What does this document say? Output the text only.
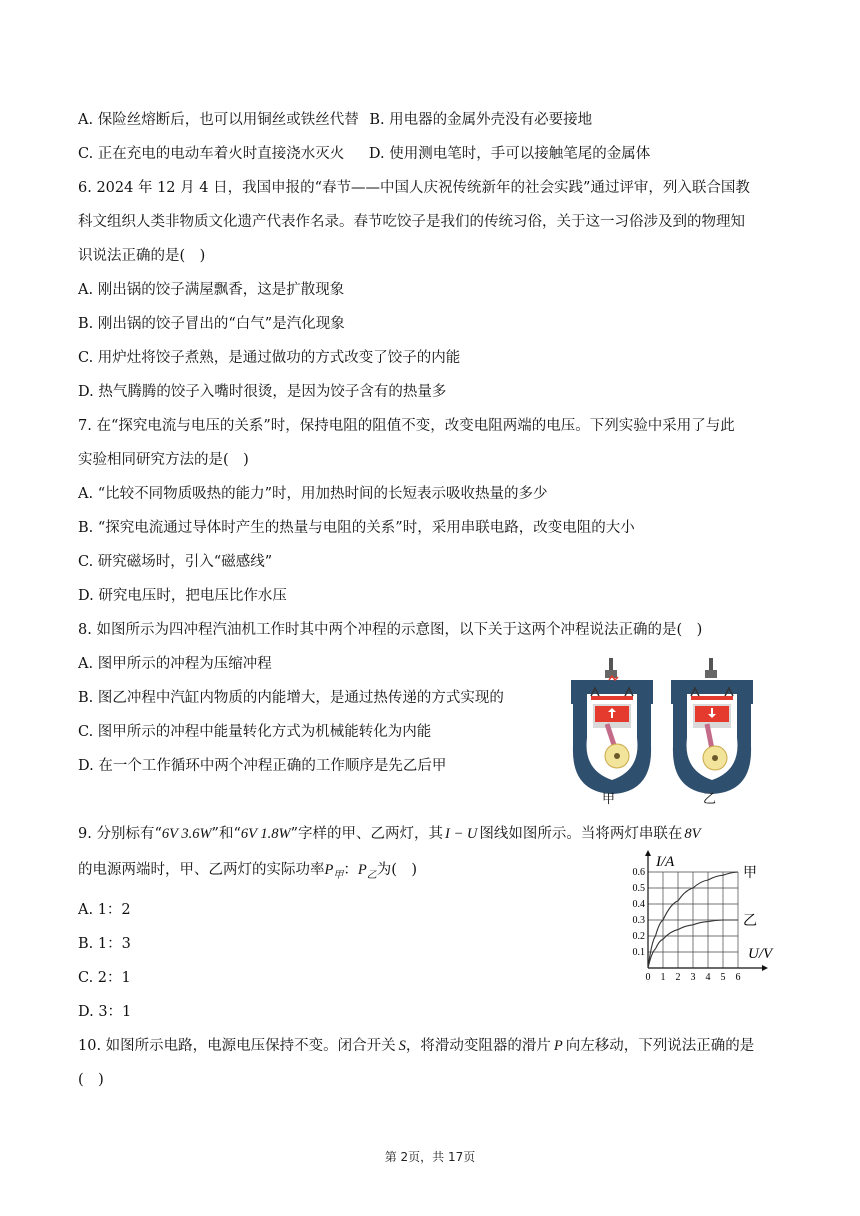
A. 保险丝熔断后，也可以用铜丝或铁丝代替 B. 用电器的金属外壳没有必要接地
C. 正在充电的电动车着火时直接浇水灭火 D. 使用测电笔时，手可以接触笔尾的金属体
6. 2024 年 12 月 4 日，我国申报的“春节——中国人庆祝传统新年的社会实践”通过评审，列入联合国教
科文组织人类非物质文化遗产代表作名录。春节吃饺子是我们的传统习俗，关于这一习俗涉及到的物理知
识说法正确的是(　)
A. 刚出锅的饺子满屋飘香，这是扩散现象
B. 刚出锅的饺子冒出的“白气”是汽化现象
C. 用炉灶将饺子煮熟，是通过做功的方式改变了饺子的内能
D. 热气腾腾的饺子入嘴时很烫，是因为饺子含有的热量多
7. 在“探究电流与电压的关系”时，保持电阻的阻值不变，改变电阻两端的电压。下列实验中采用了与此
实验相同研究方法的是(　)
A. “比较不同物质吸热的能力”时，用加热时间的长短表示吸收热量的多少
B. “探究电流通过导体时产生的热量与电阻的关系”时，采用串联电路，改变电阻的大小
C. 研究磁场时，引入“磁感线”
D. 研究电压时，把电压比作水压
8. 如图所示为四冲程汽油机工作时其中两个冲程的示意图，以下关于这两个冲程说法正确的是(　)
A. 图甲所示的冲程为压缩冲程
B. 图乙冲程中汽缸内物质的内能增大，是通过热传递的方式实现的
C. 图甲所示的冲程中能量转化方式为机械能转化为内能
D. 在一个工作循环中两个冲程正确的工作顺序是先乙后甲
甲	乙
9. 分别标有“6V 3.6W”和“6V 1.8W”字样的甲、乙两灯，其 I − U 图线如图所示。当将两灯串联在 8V
的电源两端时，甲、乙两灯的实际功率$P_甲$：$P_乙$为(　)
A. 1：2
B. 1：3
C. 2：1
D. 3：1
0 1 2 3 4 5 6
0.1
0.2
0.3
0.4
0.5
0.6
I/A
U/V
甲
乙
10. 如图所示电路，电源电压保持不变。闭合开关 S，将滑动变阻器的滑片 P 向左移动，下列说法正确的是
(　)
第 2页，共 17页
